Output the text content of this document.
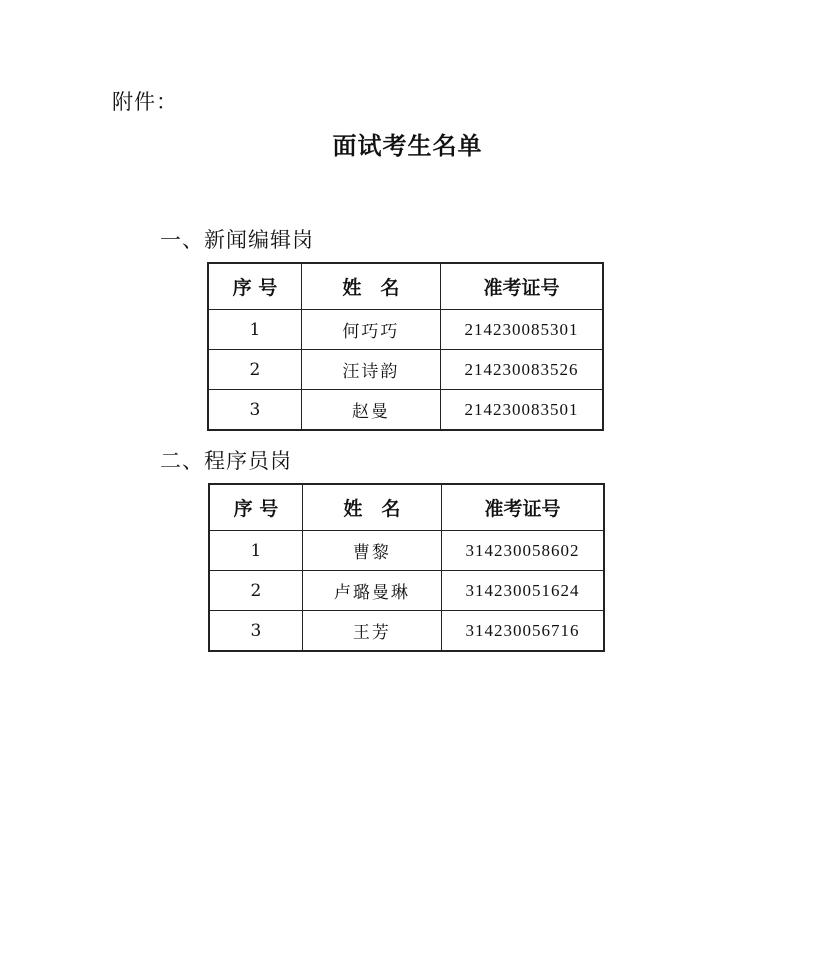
附件：
面试考生名单
一、新闻编辑岗
序 号	姓　名	准考证号
1	何巧巧	214230085301
2	汪诗韵	214230083526
3	赵曼	214230083501
二、程序员岗
序 号	姓　名	准考证号
1	曹黎	314230058602
2	卢璐曼琳	314230051624
3	王芳	314230056716
